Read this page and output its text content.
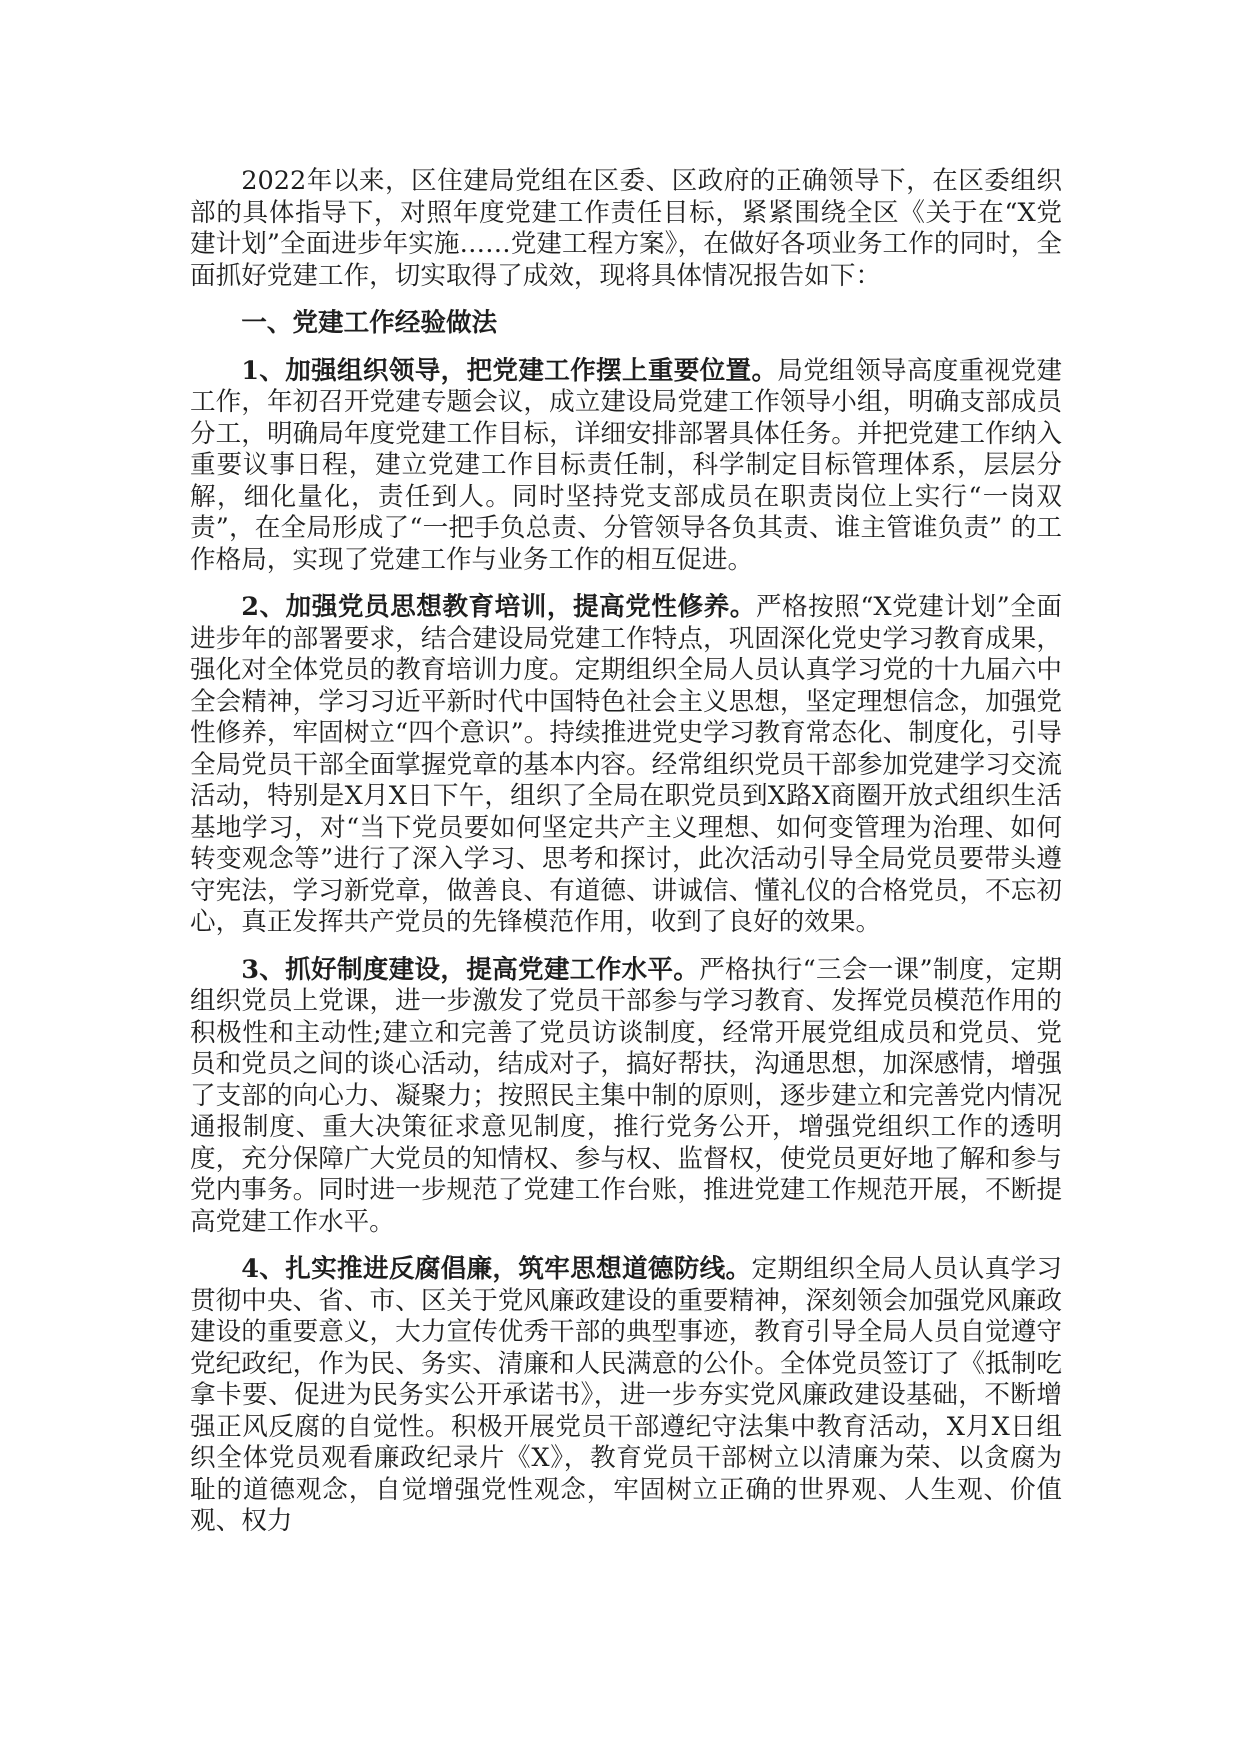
2022年以来，区住建局党组在区委、区政府的正确领导下，在区委组织部的具体指导下，对照年度党建工作责任目标，紧紧围绕全区《关于在“X党建计划”全面进步年实施……党建工程方案》，在做好各项业务工作的同时，全面抓好党建工作，切实取得了成效，现将具体情况报告如下：

一、党建工作经验做法

1、加强组织领导，把党建工作摆上重要位置。局党组领导高度重视党建工作，年初召开党建专题会议，成立建设局党建工作领导小组，明确支部成员分工，明确局年度党建工作目标，详细安排部署具体任务。并把党建工作纳入重要议事日程，建立党建工作目标责任制，科学制定目标管理体系，层层分解，细化量化，责任到人。同时坚持党支部成员在职责岗位上实行“一岗双责”，在全局形成了“一把手负总责、分管领导各负其责、谁主管谁负责” 的工作格局，实现了党建工作与业务工作的相互促进。

2、加强党员思想教育培训，提高党性修养。严格按照“X党建计划”全面进步年的部署要求，结合建设局党建工作特点，巩固深化党史学习教育成果，强化对全体党员的教育培训力度。定期组织全局人员认真学习党的十九届六中全会精神，学习习近平新时代中国特色社会主义思想，坚定理想信念，加强党性修养，牢固树立“四个意识”。持续推进党史学习教育常态化、制度化，引导全局党员干部全面掌握党章的基本内容。经常组织党员干部参加党建学习交流活动，特别是X月X日下午，组织了全局在职党员到X路X商圈开放式组织生活基地学习，对“当下党员要如何坚定共产主义理想、如何变管理为治理、如何转变观念等”进行了深入学习、思考和探讨，此次活动引导全局党员要带头遵守宪法，学习新党章，做善良、有道德、讲诚信、懂礼仪的合格党员，不忘初心，真正发挥共产党员的先锋模范作用，收到了良好的效果。

3、抓好制度建设，提高党建工作水平。严格执行“三会一课”制度，定期组织党员上党课，进一步激发了党员干部参与学习教育、发挥党员模范作用的积极性和主动性;建立和完善了党员访谈制度，经常开展党组成员和党员、党员和党员之间的谈心活动，结成对子，搞好帮扶，沟通思想，加深感情，增强了支部的向心力、凝聚力；按照民主集中制的原则，逐步建立和完善党内情况通报制度、重大决策征求意见制度，推行党务公开，增强党组织工作的透明度，充分保障广大党员的知情权、参与权、监督权，使党员更好地了解和参与党内事务。同时进一步规范了党建工作台账，推进党建工作规范开展，不断提高党建工作水平。

4、扎实推进反腐倡廉，筑牢思想道德防线。定期组织全局人员认真学习贯彻中央、省、市、区关于党风廉政建设的重要精神，深刻领会加强党风廉政建设的重要意义，大力宣传优秀干部的典型事迹，教育引导全局人员自觉遵守党纪政纪，作为民、务实、清廉和人民满意的公仆。全体党员签订了《抵制吃拿卡要、促进为民务实公开承诺书》，进一步夯实党风廉政建设基础，不断增强正风反腐的自觉性。积极开展党员干部遵纪守法集中教育活动，X月X日组织全体党员观看廉政纪录片《X》，教育党员干部树立以清廉为荣、以贪腐为耻的道德观念，自觉增强党性观念，牢固树立正确的世界观、人生观、价值观、权力
